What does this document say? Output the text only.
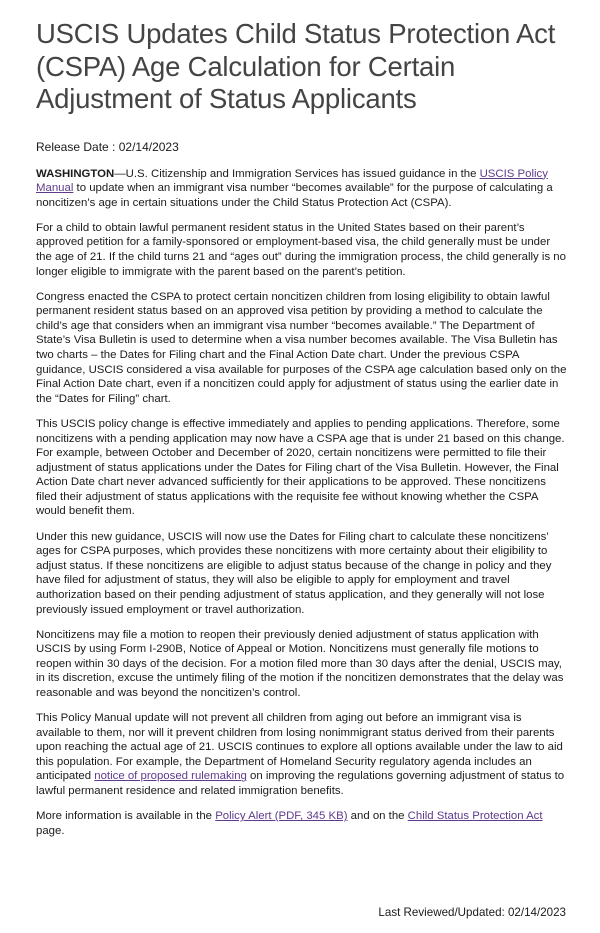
USCIS Updates Child Status Protection Act (CSPA) Age Calculation for Certain Adjustment of Status Applicants
Release Date : 02/14/2023

WASHINGTON—U.S. Citizenship and Immigration Services has issued guidance in the USCIS Policy Manual to update when an immigrant visa number “becomes available” for the purpose of calculating a noncitizen’s age in certain situations under the Child Status Protection Act (CSPA).

For a child to obtain lawful permanent resident status in the United States based on their parent’s approved petition for a family-sponsored or employment-based visa, the child generally must be under the age of 21. If the child turns 21 and “ages out” during the immigration process, the child generally is no longer eligible to immigrate with the parent based on the parent’s petition.

Congress enacted the CSPA to protect certain noncitizen children from losing eligibility to obtain lawful permanent resident status based on an approved visa petition by providing a method to calculate the child’s age that considers when an immigrant visa number “becomes available.” The Department of State’s Visa Bulletin is used to determine when a visa number becomes available. The Visa Bulletin has two charts – the Dates for Filing chart and the Final Action Date chart. Under the previous CSPA guidance, USCIS considered a visa available for purposes of the CSPA age calculation based only on the Final Action Date chart, even if a noncitizen could apply for adjustment of status using the earlier date in the “Dates for Filing” chart.

This USCIS policy change is effective immediately and applies to pending applications. Therefore, some noncitizens with a pending application may now have a CSPA age that is under 21 based on this change. For example, between October and December of 2020, certain noncitizens were permitted to file their adjustment of status applications under the Dates for Filing chart of the Visa Bulletin. However, the Final Action Date chart never advanced sufficiently for their applications to be approved. These noncitizens filed their adjustment of status applications with the requisite fee without knowing whether the CSPA would benefit them.

Under this new guidance, USCIS will now use the Dates for Filing chart to calculate these noncitizens’ ages for CSPA purposes, which provides these noncitizens with more certainty about their eligibility to adjust status. If these noncitizens are eligible to adjust status because of the change in policy and they have filed for adjustment of status, they will also be eligible to apply for employment and travel authorization based on their pending adjustment of status application, and they generally will not lose previously issued employment or travel authorization.

Noncitizens may file a motion to reopen their previously denied adjustment of status application with USCIS by using Form I-290B, Notice of Appeal or Motion. Noncitizens must generally file motions to reopen within 30 days of the decision. For a motion filed more than 30 days after the denial, USCIS may, in its discretion, excuse the untimely filing of the motion if the noncitizen demonstrates that the delay was reasonable and was beyond the noncitizen’s control.

This Policy Manual update will not prevent all children from aging out before an immigrant visa is available to them, nor will it prevent children from losing nonimmigrant status derived from their parents upon reaching the actual age of 21. USCIS continues to explore all options available under the law to aid this population. For example, the Department of Homeland Security regulatory agenda includes an anticipated notice of proposed rulemaking on improving the regulations governing adjustment of status to lawful permanent residence and related immigration benefits.

More information is available in the Policy Alert (PDF, 345 KB) and on the Child Status Protection Act page.

Last Reviewed/Updated: 02/14/2023
